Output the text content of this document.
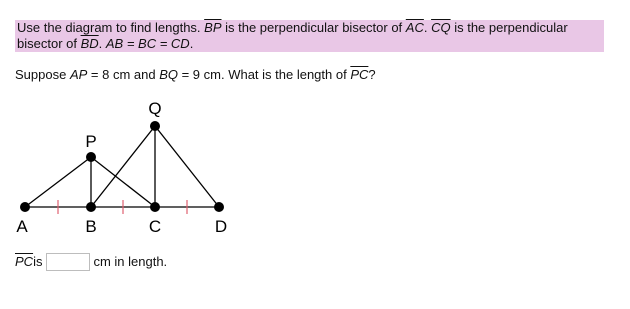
Use the diagram to find lengths. $\overline{BP}$ is the perpendicular bisector of $\overline{AC}$. $\overline{CQ}$ is the perpendicular bisector of $\overline{BD}$. AB = BC = CD.
Suppose AP = 8 cm and BQ = 9 cm. What is the length of $\overline{PC}$?
A	B	C	D
P
Q
$\overline{PC}$ is	cm in length.
